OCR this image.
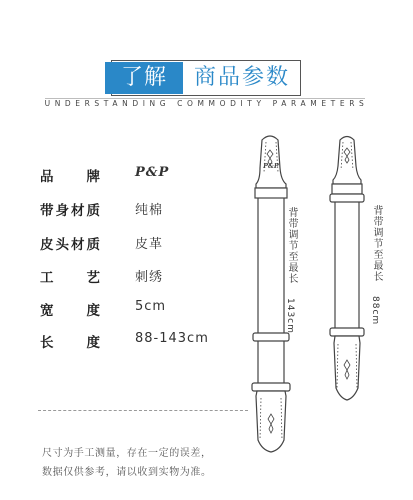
了解	商品参数
UNDERSTANDING COMMODITY PARAMETERS
品 牌	P&P
带 身 材 质	纯棉
皮 头 材 质	皮革
工 艺	刺绣
宽 度	5cm
长 度	88-143cm
P&P
背带调节至最长
143cm
背带调节至最长
88cm
尺寸为手工测量，存在一定的误差，
数据仅供参考，请以收到实物为准。
